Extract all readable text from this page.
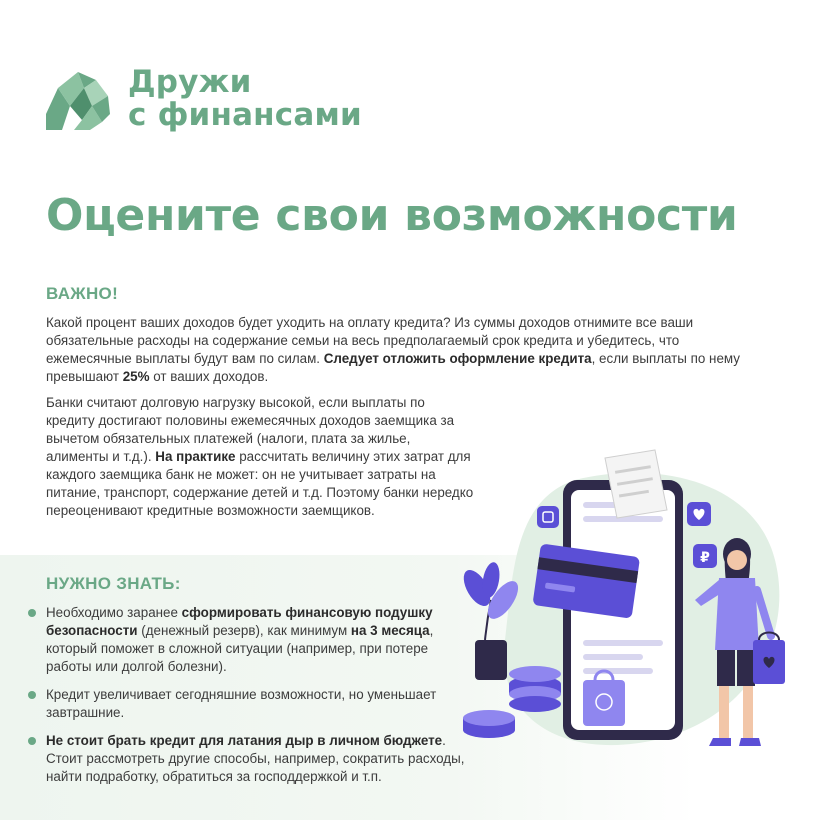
Дружи
с финансами
Оцените свои возможности
ВАЖНО!

Какой процент ваших доходов будет уходить на оплату кредита? Из суммы доходов отнимите все ваши обязательные расходы на содержание семьи на весь предполагаемый срок кредита и убедитесь, что ежемесячные выплаты будут вам по силам. Следует отложить оформление кредита, если выплаты по нему превышают 25% от ваших доходов.

Банки считают долговую нагрузку высокой, если выплаты по кредиту достигают половины ежемесячных доходов заемщика за вычетом обязательных платежей (налоги, плата за жилье, алименты и т.д.). На практике рассчитать величину этих затрат для каждого заемщика банк не может: он не учитывает затраты на питание, транспорт, содержание детей и т.д. Поэтому банки нередко переоценивают кредитные возможности заемщиков.

НУЖНО ЗНАТЬ:
Необходимо заранее сформировать финансовую подушку безопасности (денежный резерв), как минимум на 3 месяца, который поможет в сложной ситуации (например, при потере работы или долгой болезни).
Кредит увеличивает сегодняшние возможности, но уменьшает завтрашние.
Не стоит брать кредит для латания дыр в личном бюджете. Стоит рассмотреть другие способы, например, сократить расходы, найти подработку, обратиться за господдержкой и т.п.
₽
